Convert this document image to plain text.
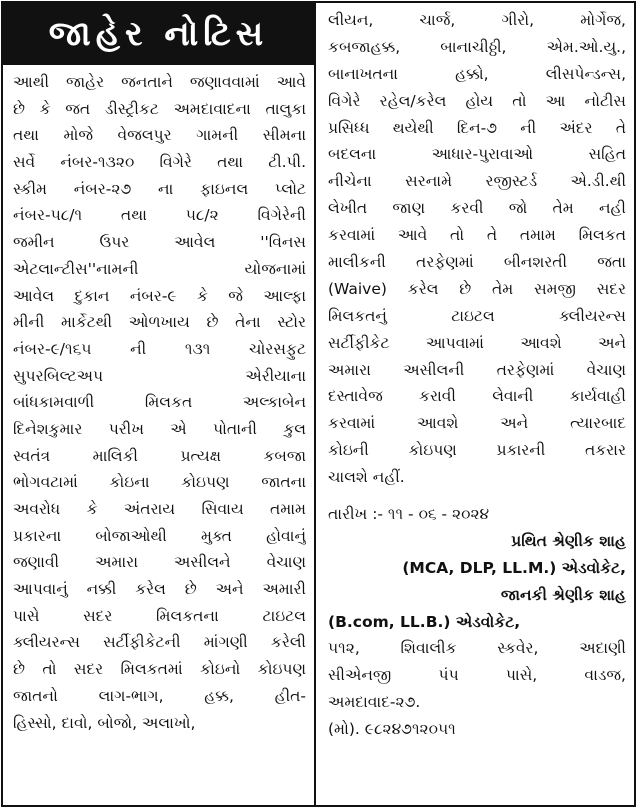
જાહેર નોટિસ
આથી જાહેર જનતાને જણાવવામાં આવે
છે કે જત ડીસ્ટ્રીકટ અમદાવાદના તાલુકા
તથા મોજે વેજલપુર ગામની સીમના
સર્વે નંબર-૧૩૨૦ વિગેરે તથા ટી.પી.
સ્કીમ નંબર-૨૭ ના ફાઇનલ પ્લોટ
નંબર-૫૮/૧ તથા ૫૮/૨ વિગેરેની
જમીન ઉપર આવેલ ''વિનસ
એટલાન્ટીસ''નામની યોજનામાં
આવેલ દુકાન નંબર-૯ કે જે આલ્ફા
મીની માર્કેટથી ઓળખાય છે તેના સ્ટોર
નંબર-૯/૧૬૫ ની ૧૩૧ ચોરસફુટ
સુપરબિલ્ટઅપ એરીયાના
બાંધકામવાળી મિલકત અલ્કાબેન
દિનેશકુમાર પરીખ એ પોતાની કુલ
સ્વતંત્ર માલિકી પ્રત્યક્ષ કબજા
ભોગવટામાં કોઇના કોઇપણ જાતના
અવરોધ કે અંતરાય સિવાય તમામ
પ્રકારના બોજાઓથી મુક્ત હોવાનું
જણાવી અમારા અસીલને વેચાણ
આપવાનું નક્કી કરેલ છે અને અમારી
પાસે સદર મિલકતના ટાઇટલ
ક્લીયરન્સ સર્ટીફીકેટની માંગણી કરેલી
છે તો સદર મિલકતમાં કોઇનો કોઇપણ
જાતનો લાગ-ભાગ, હક્ક, હીત-
હિસ્સો, દાવો, બોજો, અલાખો,
લીયન, ચાર્જ, ગીરો, મોર્ગેજ,
કબજાહક્ક, બાનાચીઠ્ઠી, એમ.ઓ.યુ.,
બાનાખતના હક્કો, લીસપેન્ડન્સ,
વિગેરે રહેલ/કરેલ હોય તો આ નોટીસ
પ્રસિધ્ધ થયેથી દિન-૭ ની અંદર તે
બદલના આધાર-પુરાવાઓ સહિત
નીચેના સરનામે રજીસ્ટર્ડ એ.ડી.થી
લેખીત જાણ કરવી જો તેમ નહી
કરવામાં આવે તો તે તમામ મિલકત
માલીકની તરફેણમાં બીનશરતી જતા
(Waive) કરેલ છે તેમ સમજી સદર
મિલકતનું ટાઇટલ ક્લીયરન્સ
સર્ટીફીકેટ આપવામાં આવશે અને
અમારા અસીલની તરફેણમાં વેચાણ
દસ્તાવેજ કરાવી લેવાની કાર્યવાહી
કરવામાં આવશે અને ત્યારબાદ
કોઇની કોઇપણ પ્રકારની તકરાર
ચાલશે નહીં.
તારીખ :- ૧૧ - ૦૬ - ૨૦૨૪
પ્રથિત શ્રેણીક શાહ
(MCA, DLP, LL.M.) એડવોકેટ,
જાનકી શ્રેણીક શાહ
(B.com, LL.B.) એડવોકેટ,
૫૧૨, શિવાલીક સ્કવેર, અદાણી
સીએનજી પંપ પાસે, વાડજ,
અમદાવાદ-૨૭.
(મો). ૯૮૨૪૭૧૨૦૫૧
